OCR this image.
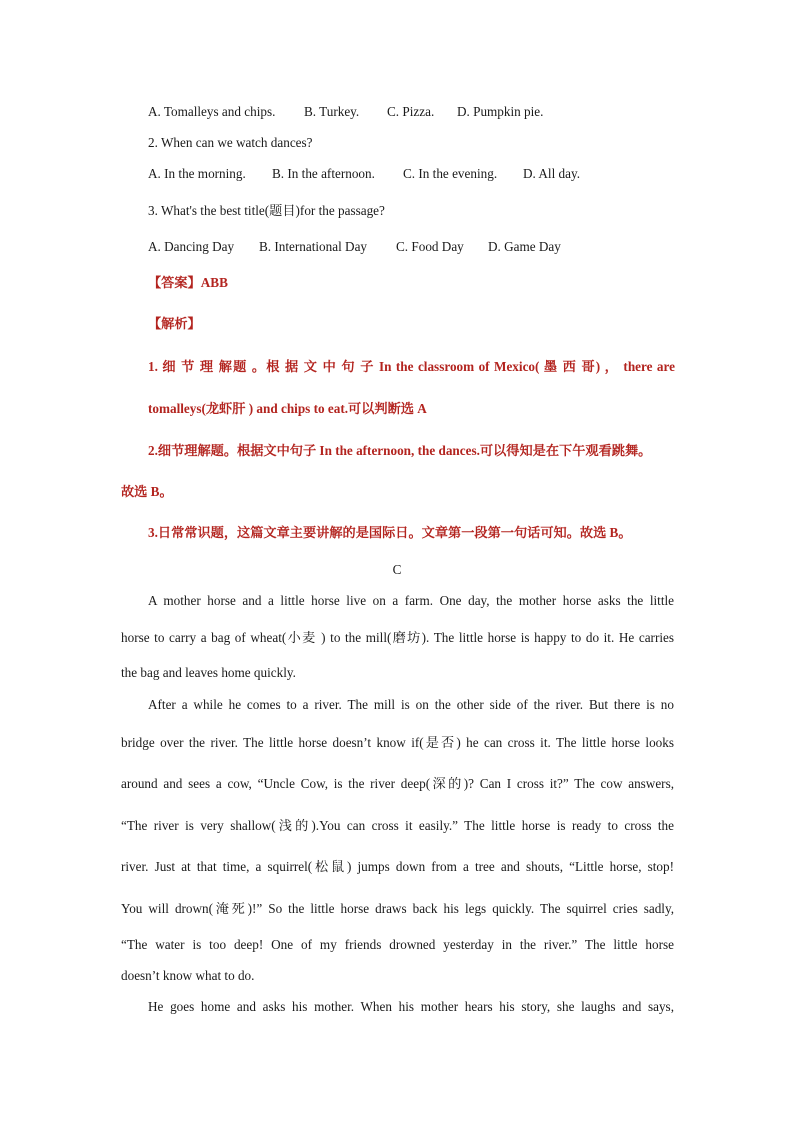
A. Tomalleys and chips. B. Turkey. C. Pizza. D. Pumpkin pie.
2. When can we watch dances?
A. In the morning. B. In the afternoon. C. In the evening. D. All day.
3. What's the best title(题目)for the passage?
A. Dancing Day B. International Day C. Food Day D. Game Day
【答案】ABB
【解析】
1. 细 节 理 解题 。根 据 文 中 句 子 In the classroom of Mexico( 墨 西 哥) ， there are
tomalleys(龙虾肝 ) and chips to eat.可以判断选 A
2.细节理解题。根据文中句子 In the afternoon, the dances.可以得知是在下午观看跳舞。
故选 B。
3.日常常识题，这篇文章主要讲解的是国际日。文章第一段第一句话可知。故选 B。
C
A mother horse and a little horse live on a farm. One day, the mother horse asks the little
horse to carry a bag of wheat(小麦 ) to the mill(磨坊). The little horse is happy to do it. He carries
the bag and leaves home quickly.
After a while he comes to a river. The mill is on the other side of the river. But there is no
bridge over the river. The little horse doesn’t know if(是否) he can cross it. The little horse looks
around and sees a cow, “Uncle Cow, is the river deep(深的)? Can I cross it?” The cow answers,
“The river is very shallow(浅的).You can cross it easily.” The little horse is ready to cross the
river. Just at that time, a squirrel(松鼠) jumps down from a tree and shouts, “Little horse, stop!
You will drown(淹死)!” So the little horse draws back his legs quickly. The squirrel cries sadly,
“The water is too deep! One of my friends drowned yesterday in the river.” The little horse
doesn’t know what to do.
He goes home and asks his mother. When his mother hears his story, she laughs and says,
